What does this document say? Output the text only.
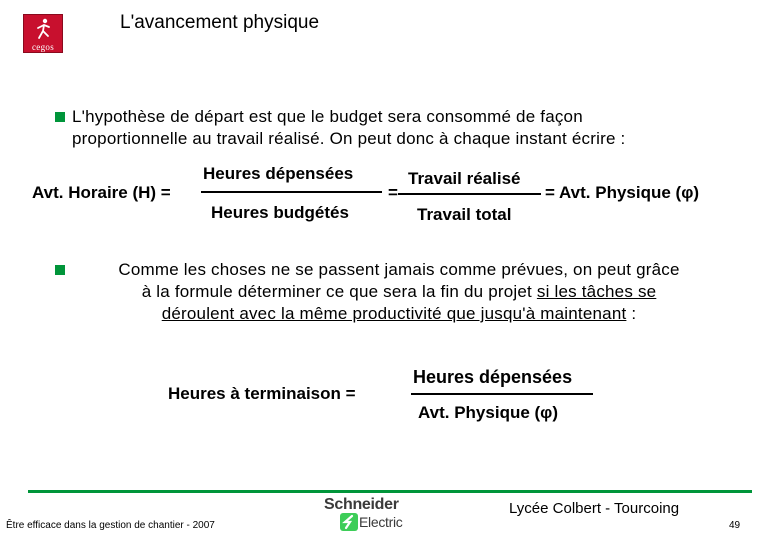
cegos
L'avancement physique
L'hypothèse de départ est que le budget sera consommé de façon
proportionnelle au travail réalisé. On peut donc à chaque instant écrire :
Avt. Horaire (H) =
Heures dépensées
Heures budgétés
=
Travail réalisé
Travail total
= Avt. Physique (φ)
Comme les choses ne se passent jamais comme prévues, on peut grâce
à la formule déterminer ce que sera la fin du projet si les tâches se
déroulent avec la même productivité que jusqu'à maintenant :
Heures à terminaison =
Heures dépensées
Avt. Physique (φ)
Être efficace dans la gestion de chantier - 2007
Schneider
Electric
Lycée Colbert - Tourcoing
49
